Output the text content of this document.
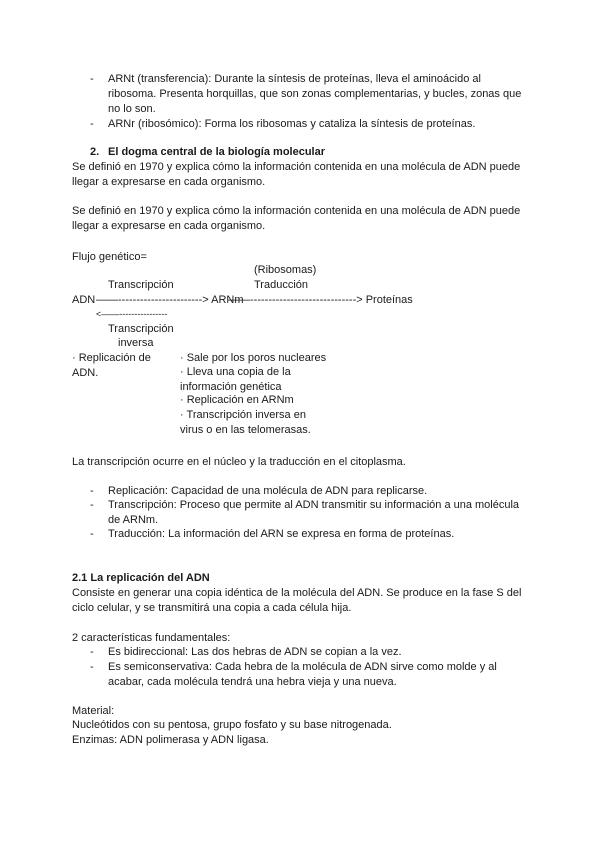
- ARNt (transferencia): Durante la síntesis de proteínas, lleva el aminoácido al ribosoma. Presenta horquillas, que son zonas complementarias, y bucles, zonas que no lo son.
- ARNr (ribosómico): Forma los ribosomas y cataliza la síntesis de proteínas.
2. El dogma central de la biología molecular
Se definió en 1970 y explica cómo la información contenida en una molécula de ADN puede llegar a expresarse en cada organismo.
Se definió en 1970 y explica cómo la información contenida en una molécula de ADN puede llegar a expresarse en cada organismo.
Flujo genético=
(Ribosomas)
Transcripción	Traducción
ADN ——-----------------------> ARNm
——-----------------------------> Proteínas
<——----------------
Transcripción
inversa
· Replicación de ADN.
· Sale por los poros nucleares
· Lleva una copia de la información genética
· Replicación en ARNm
· Transcripción inversa en virus o en las telomerasas.
La transcripción ocurre en el núcleo y la traducción en el citoplasma.
- Replicación: Capacidad de una molécula de ADN para replicarse.
- Transcripción: Proceso que permite al ADN transmitir su información a una molécula de ARNm.
- Traducción: La información del ARN se expresa en forma de proteínas.
2.1 La replicación del ADN
Consiste en generar una copia idéntica de la molécula del ADN. Se produce en la fase S del ciclo celular, y se transmitirá una copia a cada célula hija.
2 características fundamentales:
- Es bidireccional: Las dos hebras de ADN se copian a la vez.
- Es semiconservativa: Cada hebra de la molécula de ADN sirve como molde y al acabar, cada molécula tendrá una hebra vieja y una nueva.
Material:
Nucleótidos con su pentosa, grupo fosfato y su base nitrogenada.
Enzimas: ADN polimerasa y ADN ligasa.
